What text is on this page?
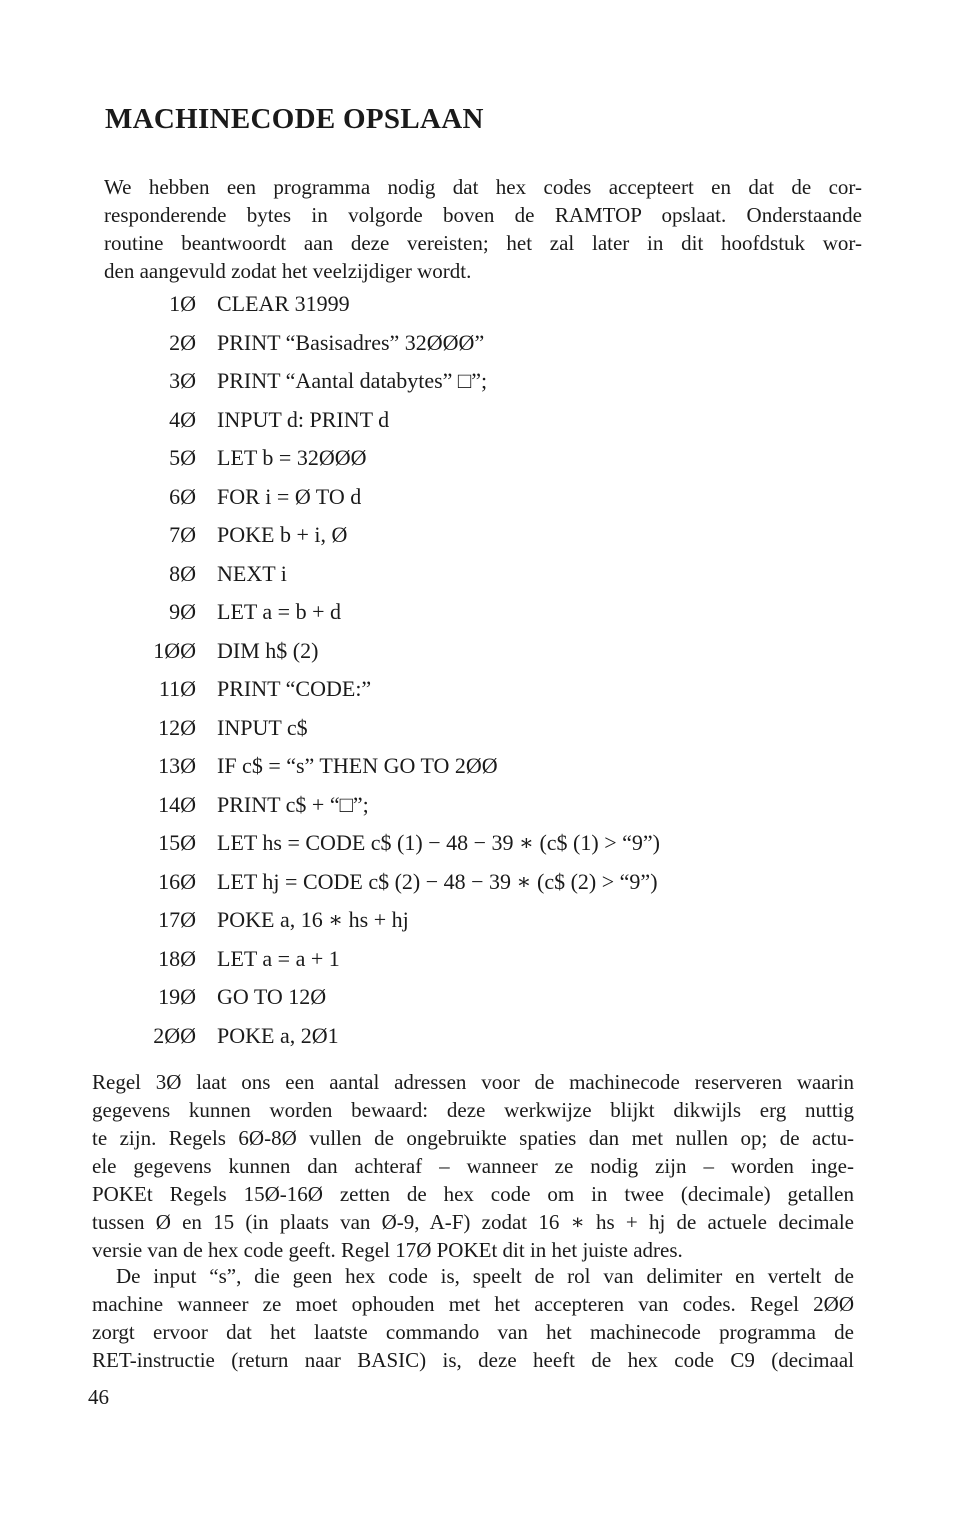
MACHINECODE OPSLAAN

We hebben een programma nodig dat hex codes accepteert en dat de cor-
responderende bytes in volgorde boven de RAMTOP opslaat. Onderstaande
routine beantwoordt aan deze vereisten; het zal later in dit hoofdstuk wor-
den aangevuld zodat het veelzijdiger wordt.

1Ø CLEAR 31999
2Ø PRINT “Basisadres” 32ØØØ”
3Ø PRINT “Aantal databytes” □”;
4Ø INPUT d: PRINT d
5Ø LET b = 32ØØØ
6Ø FOR i = Ø TO d
7Ø POKE b + i, Ø
8Ø NEXT i
9Ø LET a = b + d
1ØØ DIM h$ (2)
11Ø PRINT “CODE:”
12Ø INPUT c$
13Ø IF c$ = “s” THEN GO TO 2ØØ
14Ø PRINT c$ + “□”;
15Ø LET hs = CODE c$ (1) − 48 − 39 ∗ (c$ (1) > “9”)
16Ø LET hj = CODE c$ (2) − 48 − 39 ∗ (c$ (2) > “9”)
17Ø POKE a, 16 ∗ hs + hj
18Ø LET a = a + 1
19Ø GO TO 12Ø
2ØØ POKE a, 2Ø1

Regel 3Ø laat ons een aantal adressen voor de machinecode reserveren waarin
gegevens kunnen worden bewaard: deze werkwijze blijkt dikwijls erg nuttig
te zijn. Regels 6Ø-8Ø vullen de ongebruikte spaties dan met nullen op; de actu-
ele gegevens kunnen dan achteraf – wanneer ze nodig zijn – worden inge-
POKEt Regels 15Ø-16Ø zetten de hex code om in twee (decimale) getallen
tussen Ø en 15 (in plaats van Ø-9, A-F) zodat 16 ∗ hs + hj de actuele decimale
versie van de hex code geeft. Regel 17Ø POKEt dit in het juiste adres.

De input “s”, die geen hex code is, speelt de rol van delimiter en vertelt de
machine wanneer ze moet ophouden met het accepteren van codes. Regel 2ØØ
zorgt ervoor dat het laatste commando van het machinecode programma de
RET-instructie (return naar BASIC) is, deze heeft de hex code C9 (decimaal

46
